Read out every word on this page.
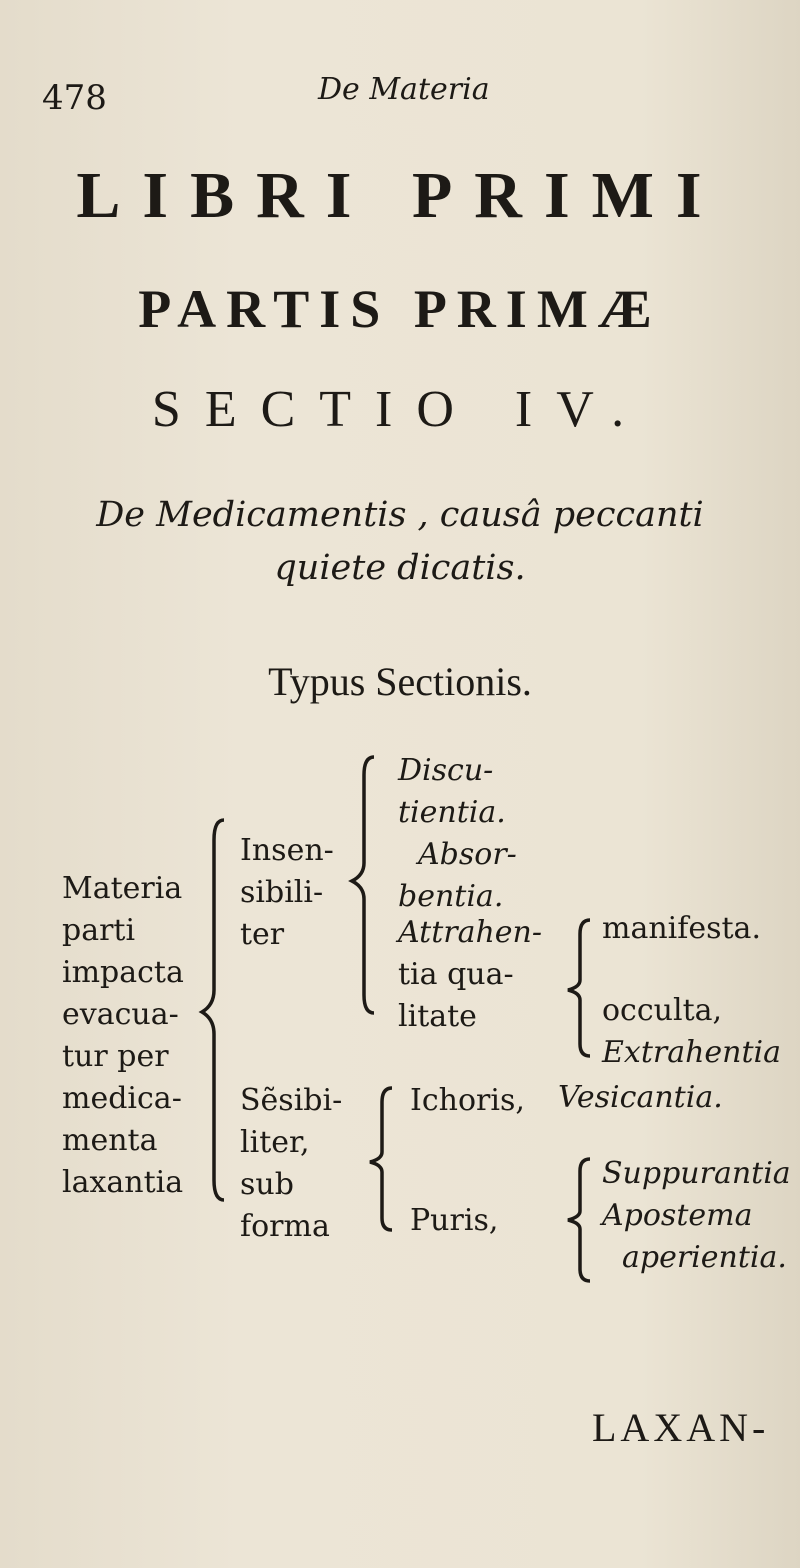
478	De Materia
LIBRI PRIMI
PARTIS PRIMÆ
SECTIO IV.
De Medicamentis , causâ peccanti
quiete dicatis.
Typus Sectionis.
Materia
parti
impacta
evacua-
tur per
medica-
menta
laxantia
Insen-
sibili-
ter
Sẽsibi-
liter,
sub
forma
Discu-
tientia.
Absor-
bentia.
Attrahen-
tia qua-
litate
manifesta.
occulta,
Extrahentia
Ichoris, Vesicantia.
Puris,
Suppurantia
Apostema
aperientia.
LAXAN-
